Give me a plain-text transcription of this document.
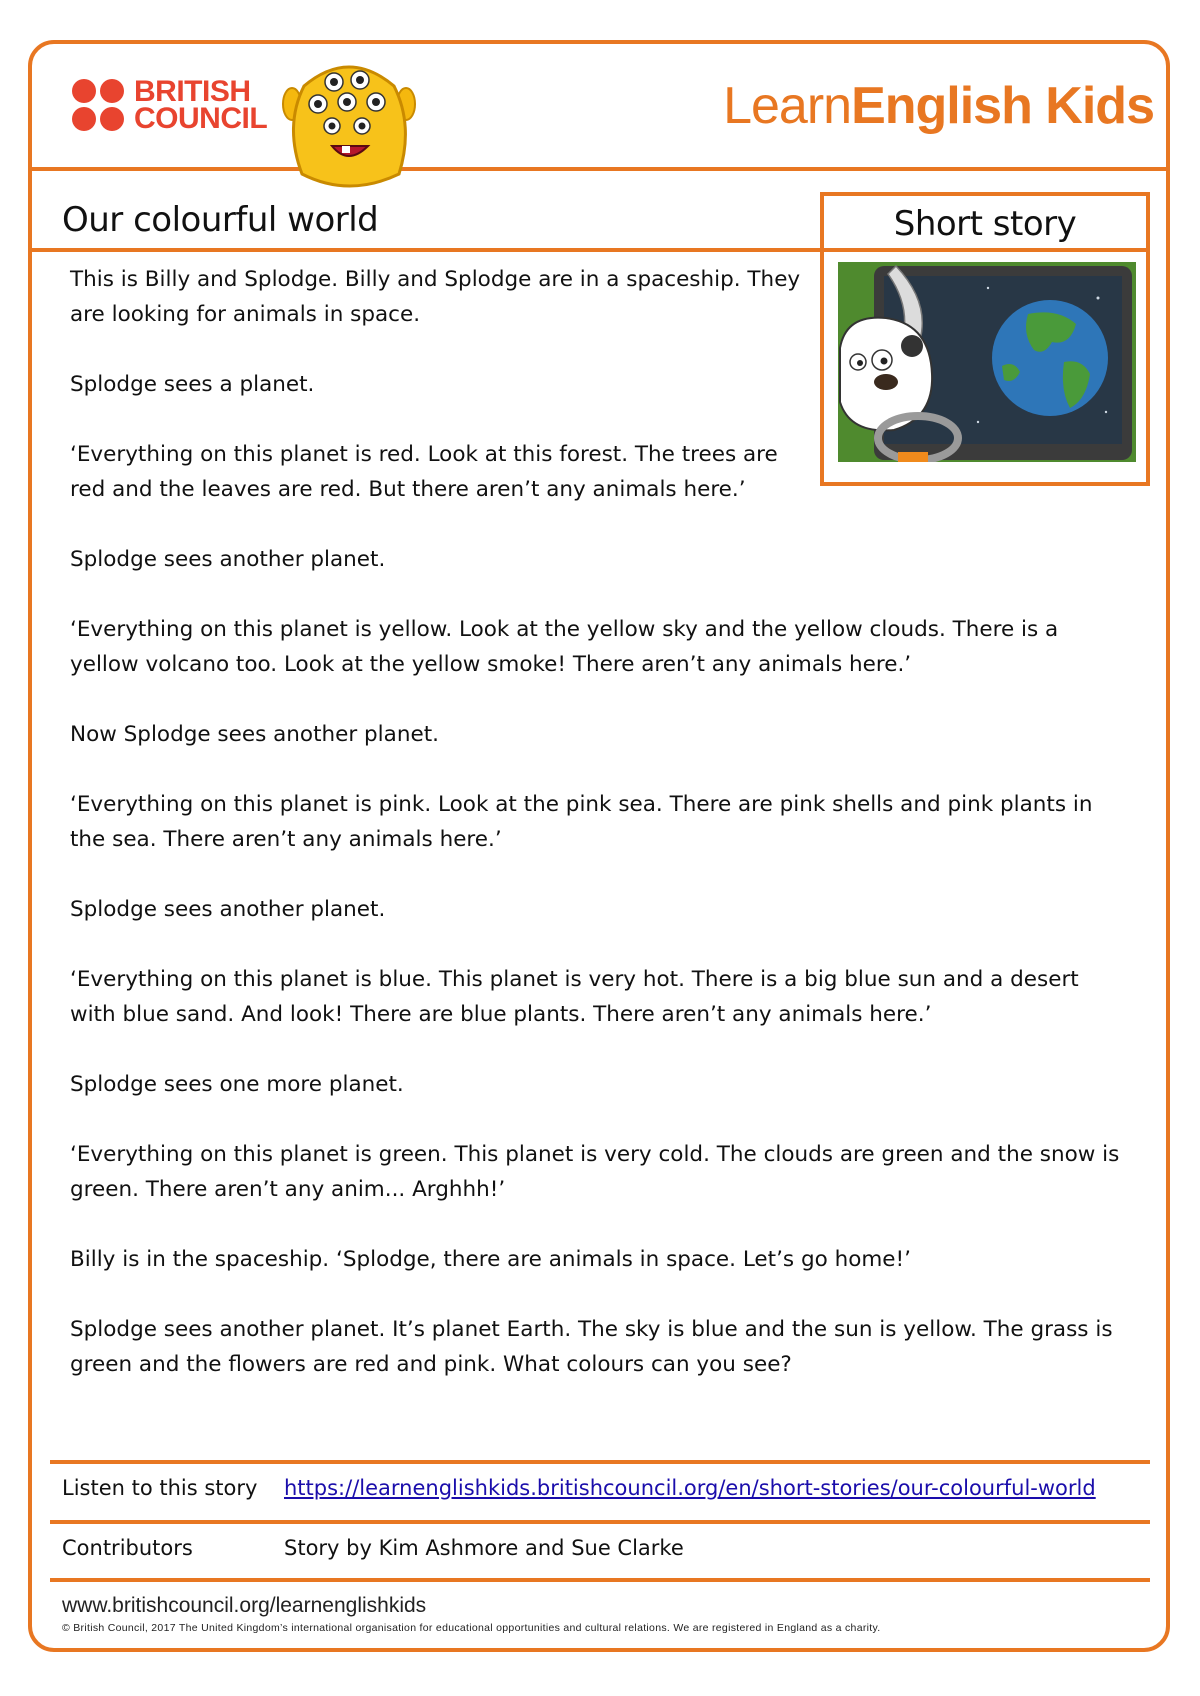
BRITISH
COUNCIL	LearnEnglish Kids
Our colourful world	Short story

This is Billy and Splodge. Billy and Splodge are in a spaceship. They are looking for animals in space.

Splodge sees a planet.

‘Everything on this planet is red. Look at this forest. The trees are red and the leaves are red. But there aren’t any animals here.’

Splodge sees another planet.

‘Everything on this planet is yellow. Look at the yellow sky and the yellow clouds. There is a yellow volcano too. Look at the yellow smoke! There aren’t any animals here.’

Now Splodge sees another planet.

‘Everything on this planet is pink. Look at the pink sea. There are pink shells and pink plants in the sea. There aren’t any animals here.’

Splodge sees another planet.

‘Everything on this planet is blue. This planet is very hot. There is a big blue sun and a desert with blue sand. And look! There are blue plants. There aren’t any animals here.’

Splodge sees one more planet.

‘Everything on this planet is green. This planet is very cold. The clouds are green and the snow is green. There aren’t any anim... Arghhh!’

Billy is in the spaceship. ‘Splodge, there are animals in space. Let’s go home!’

Splodge sees another planet. It’s planet Earth. The sky is blue and the sun is yellow. The grass is green and the flowers are red and pink. What colours can you see?

Listen to this story https://learnenglishkids.britishcouncil.org/en/short-stories/our-colourful-world
Contributors	Story by Kim Ashmore and Sue Clarke
www.britishcouncil.org/learnenglishkids
© British Council, 2017 The United Kingdom’s international organisation for educational opportunities and cultural relations. We are registered in England as a charity.
